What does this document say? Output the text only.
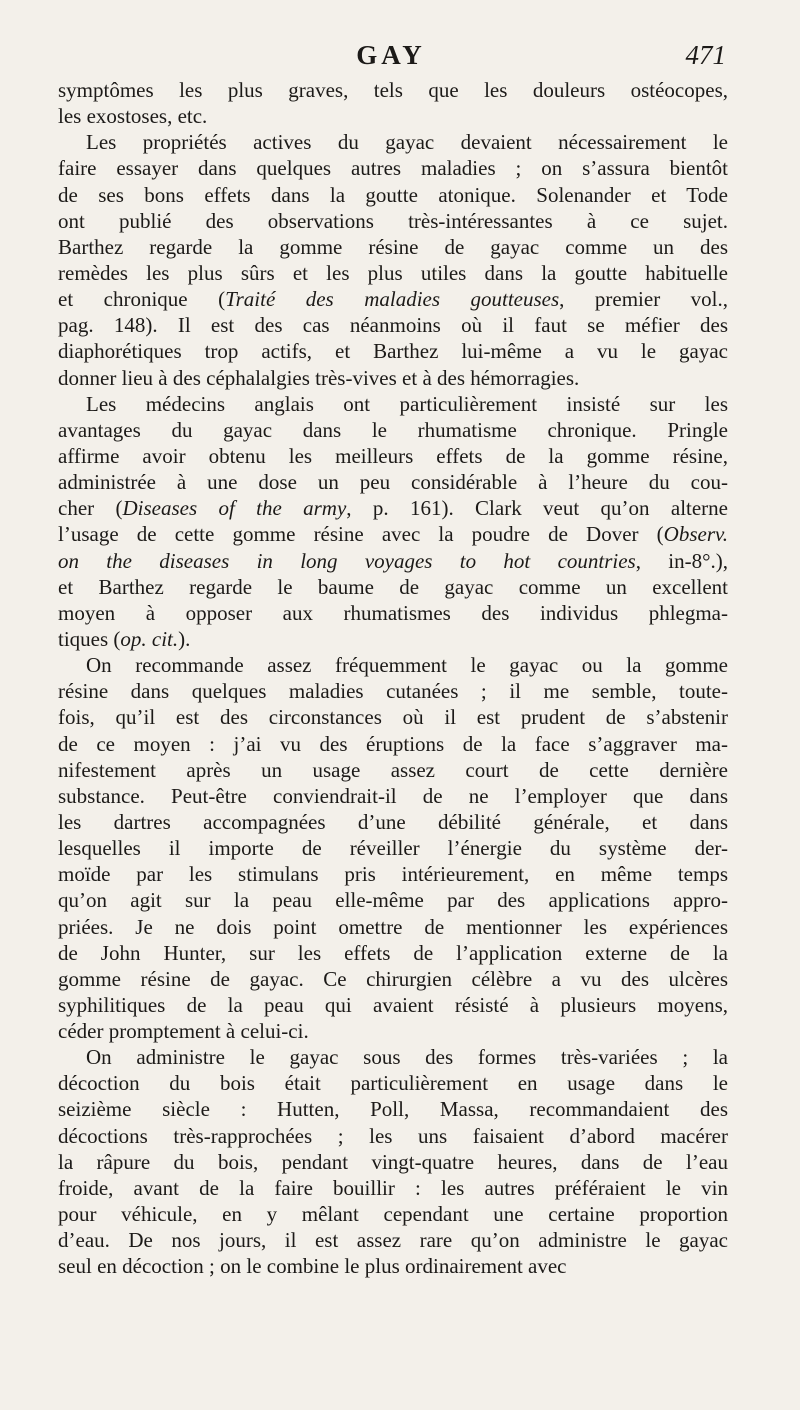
GAY	471
symptômes les plus graves, tels que les douleurs ostéocopes,
les exostoses, etc.
Les propriétés actives du gayac devaient nécessairement le
faire essayer dans quelques autres maladies ; on s’assura bientôt
de ses bons effets dans la goutte atonique. Solenander et Tode
ont publié des observations très-intéressantes à ce sujet.
Barthez regarde la gomme résine de gayac comme un des
remèdes les plus sûrs et les plus utiles dans la goutte habituelle
et chronique (Traité des maladies goutteuses, premier vol.,
pag. 148). Il est des cas néanmoins où il faut se méfier des
diaphorétiques trop actifs, et Barthez lui-même a vu le gayac
donner lieu à des céphalalgies très-vives et à des hémorragies.
Les médecins anglais ont particulièrement insisté sur les
avantages du gayac dans le rhumatisme chronique. Pringle
affirme avoir obtenu les meilleurs effets de la gomme résine,
administrée à une dose un peu considérable à l’heure du cou-
cher (Diseases of the army, p. 161). Clark veut qu’on alterne
l’usage de cette gomme résine avec la poudre de Dover (Observ.
on the diseases in long voyages to hot countries, in-8°.),
et Barthez regarde le baume de gayac comme un excellent
moyen à opposer aux rhumatismes des individus phlegma-
tiques (op. cit.).
On recommande assez fréquemment le gayac ou la gomme
résine dans quelques maladies cutanées ; il me semble, toute-
fois, qu’il est des circonstances où il est prudent de s’abstenir
de ce moyen : j’ai vu des éruptions de la face s’aggraver ma-
nifestement après un usage assez court de cette dernière
substance. Peut-être conviendrait-il de ne l’employer que dans
les dartres accompagnées d’une débilité générale, et dans
lesquelles il importe de réveiller l’énergie du système der-
moïde par les stimulans pris intérieurement, en même temps
qu’on agit sur la peau elle-même par des applications appro-
priées. Je ne dois point omettre de mentionner les expériences
de John Hunter, sur les effets de l’application externe de la
gomme résine de gayac. Ce chirurgien célèbre a vu des ulcères
syphilitiques de la peau qui avaient résisté à plusieurs moyens,
céder promptement à celui-ci.
On administre le gayac sous des formes très-variées ; la
décoction du bois était particulièrement en usage dans le
seizième siècle : Hutten, Poll, Massa, recommandaient des
décoctions très-rapprochées ; les uns faisaient d’abord macérer
la râpure du bois, pendant vingt-quatre heures, dans de l’eau
froide, avant de la faire bouillir : les autres préféraient le vin
pour véhicule, en y mêlant cependant une certaine proportion
d’eau. De nos jours, il est assez rare qu’on administre le gayac
seul en décoction ; on le combine le plus ordinairement avec
